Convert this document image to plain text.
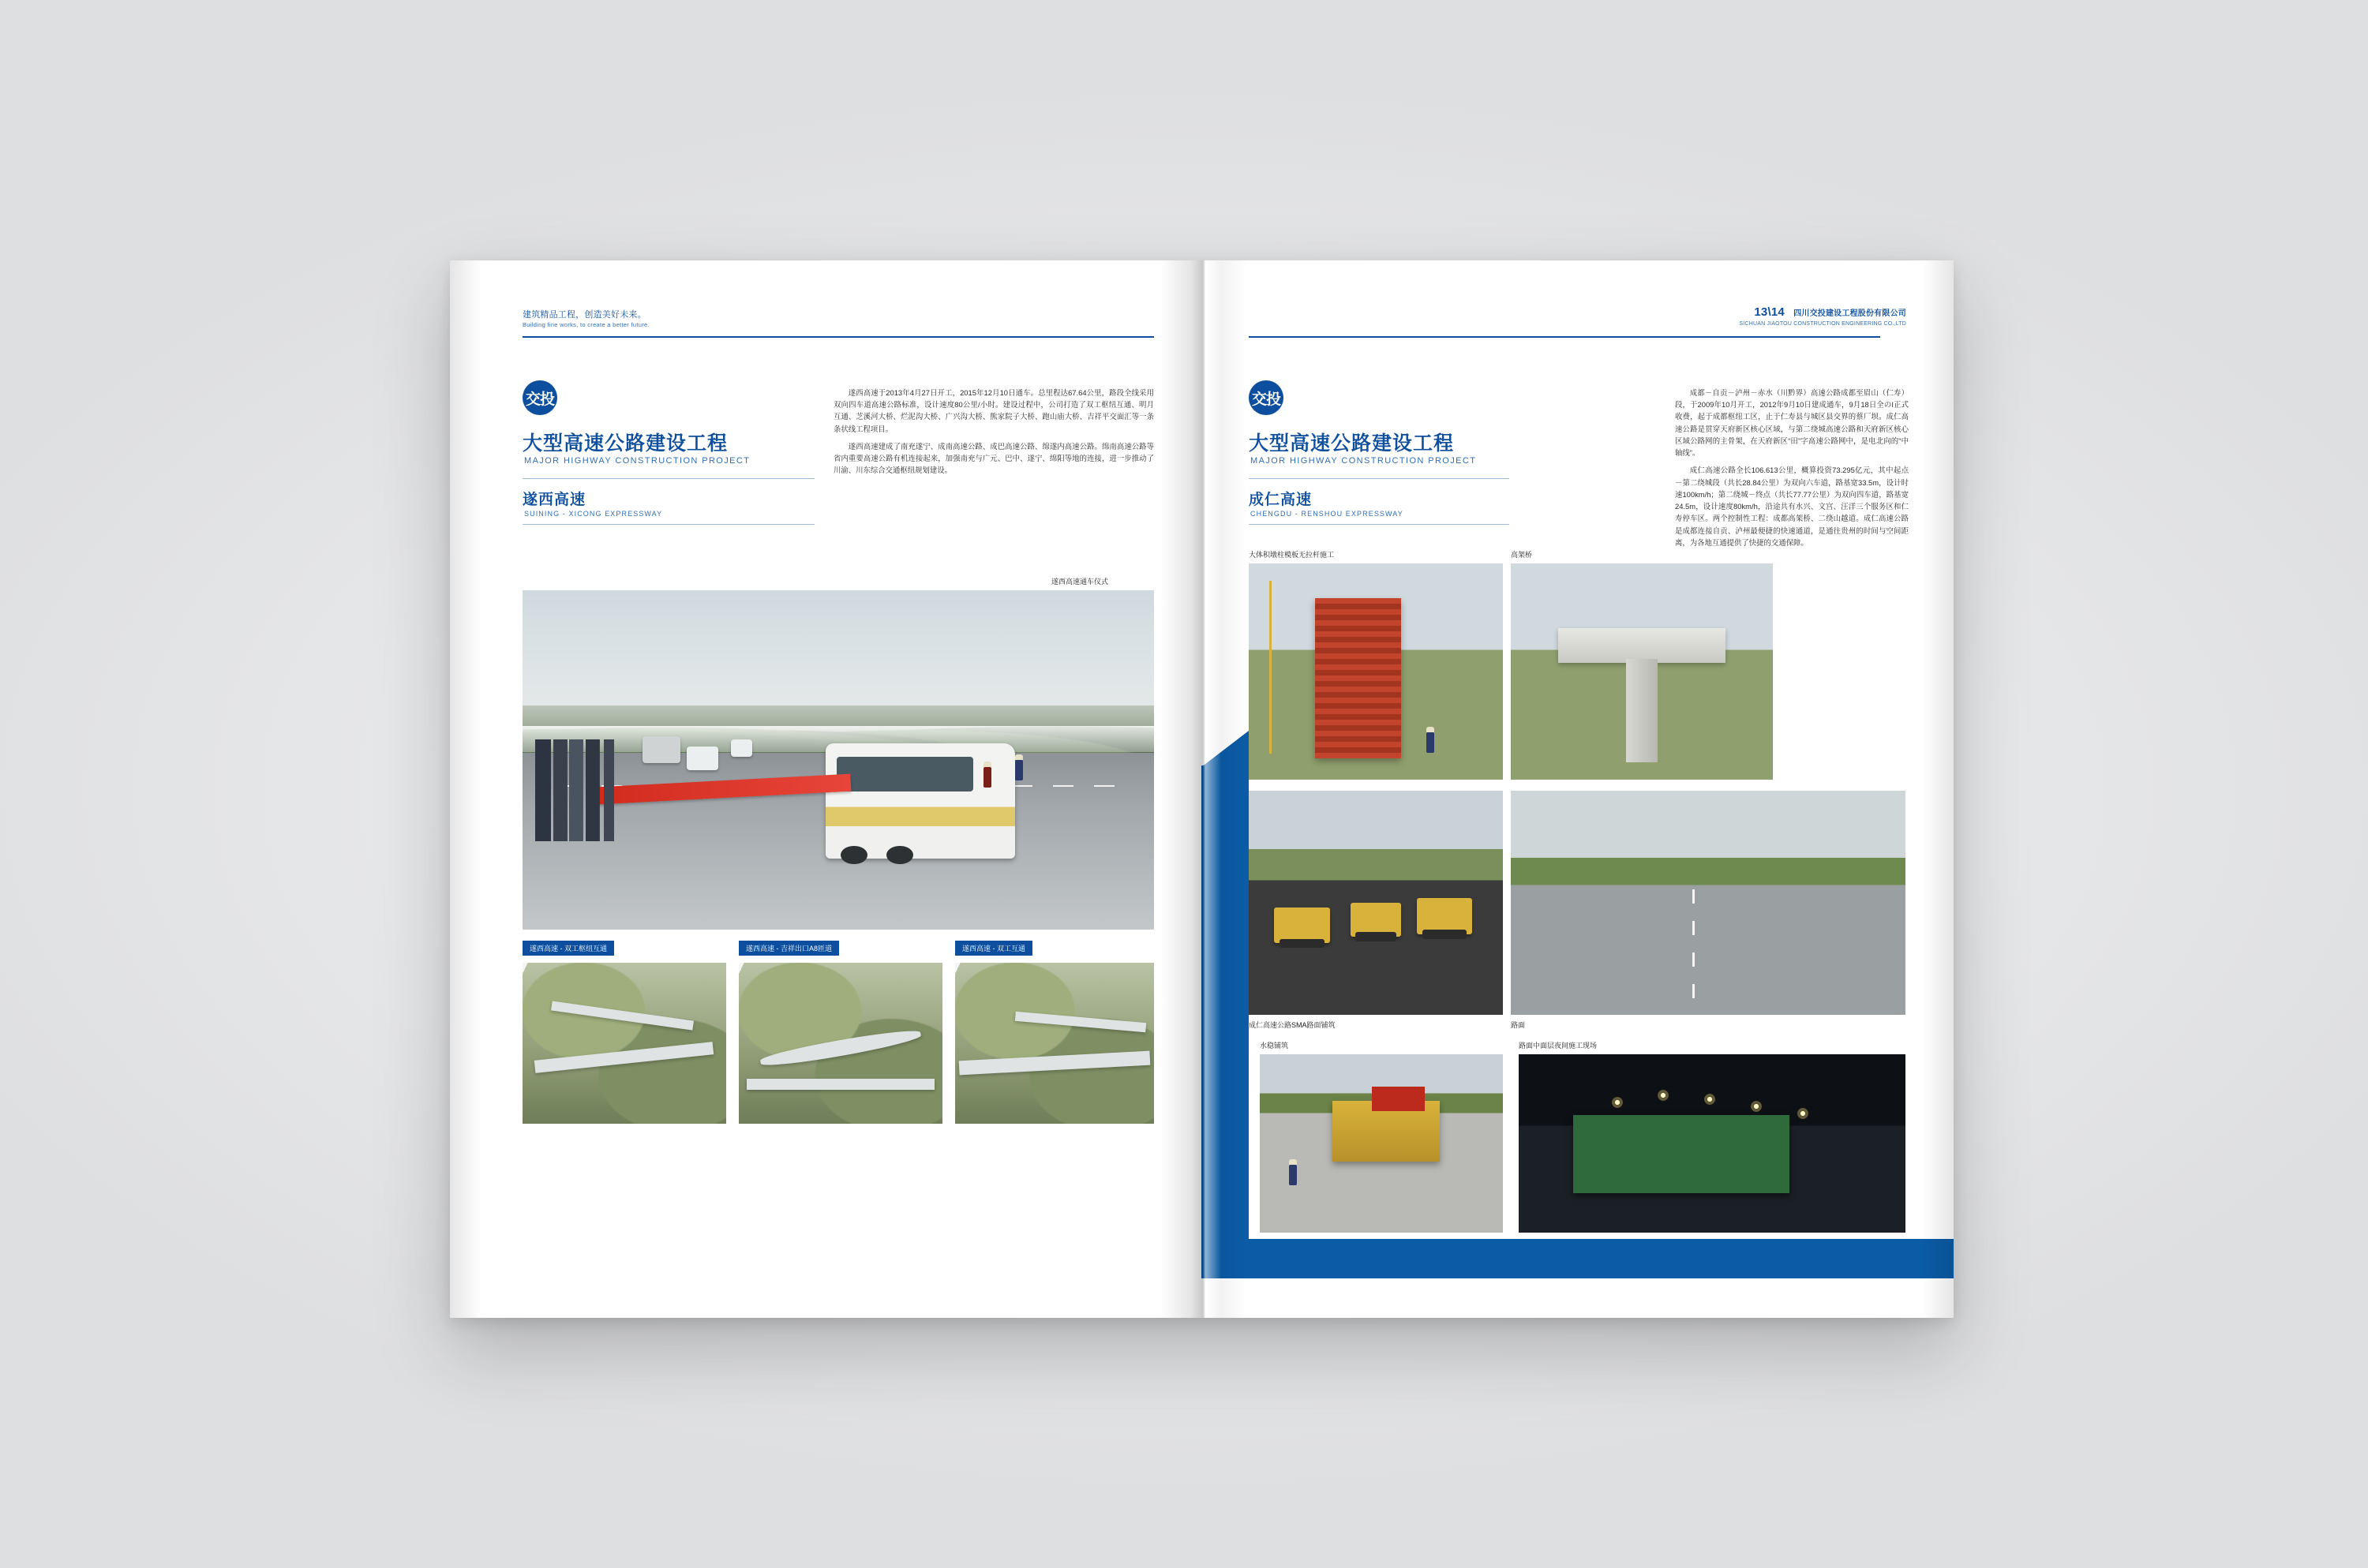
建筑精品工程，创造美好未来。
Building fine works, to create a better future.
交投
大型高速公路建设工程
MAJOR HIGHWAY CONSTRUCTION PROJECT
遂西高速
SUINING - XICONG EXPRESSWAY

遂西高速于2013年4月27日开工，2015年12月10日通车。总里程达67.64公里，路段全线采用双向四车道高速公路标准，设计速度80公里/小时。建设过程中，公司打造了双工枢纽互通、明月互通、芝溪河大桥、烂泥沟大桥、广兴沟大桥、熊家院子大桥、跑山庙大桥、吉祥平交面汇等一条条状线工程项目。

遂西高速建成了南充遂宁、成南高速公路、成巴高速公路、绵遂内高速公路。绵南高速公路等省内重要高速公路有机连接起来，加强南充与广元、巴中、遂宁、绵阳等地的连接，进一步推动了川渝、川东综合交通枢纽规划建设。

遂西高速通车仪式
遂西高速 - 双工枢纽互通	遂西高速 - 吉祥出口A8匝道	遂西高速 - 双工互通
13\14 四川交投建设工程股份有限公司
SICHUAN JIAOTOU CONSTRUCTION ENGINEERING CO.,LTD
交投
大型高速公路建设工程
MAJOR HIGHWAY CONSTRUCTION PROJECT
成仁高速
CHENGDU - RENSHOU EXPRESSWAY

成都－自贡－泸州－赤水（川黔界）高速公路成都至眉山（仁寿）段，于2009年10月开工，2012年9月10日建成通车，9月18日全のI正式收费，起于成都枢纽工区，止于仁寿县与城区县交界的蔡厂坝。成仁高速公路是贯穿天府新区核心区域，与第二绕城高速公路和天府新区核心区域公路网的主骨架，在天府新区“田”字高速公路网中，是电北向的“中轴线”。

成仁高速公路全长106.613公里，概算投资73.295亿元，其中起点－第二绕城段（共长28.84公里）为双向六车道，路基宽33.5m，设计时速100km/h；第二绕城－终点（共长77.77公里）为双向四车道，路基宽24.5m，设计速度80km/h，沿途共有水兴、文宫、汪洋三个服务区和仁寿停车区。两个控制性工程：成都高架桥、二绕山越道。成仁高速公路是成都连接自贡、泸州最便捷的快速通道，是通往贵州的时间与空间距离，为各地互通提供了快捷的交通保障。

大体积墩柱模板无拉杆施工	高架桥
成仁高速公路SMA路面铺筑	路面
水稳铺筑	路面中面层夜间施工现场
